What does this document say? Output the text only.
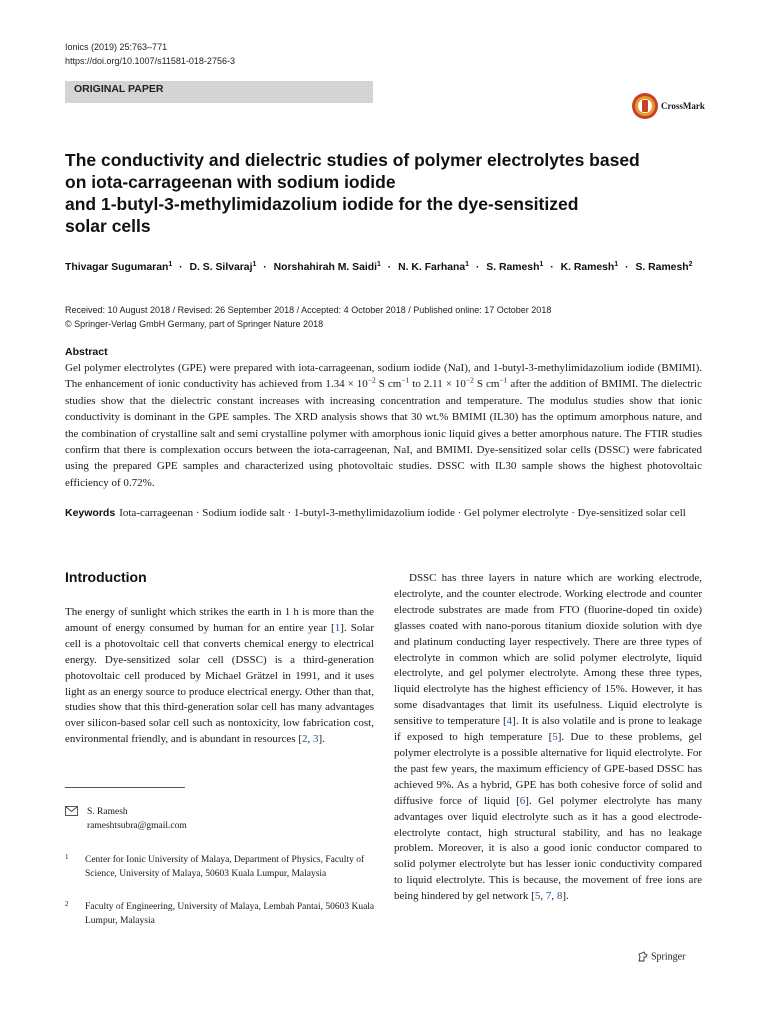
Ionics (2019) 25:763–771
https://doi.org/10.1007/s11581-018-2756-3
ORIGINAL PAPER
CrossMark
The conductivity and dielectric studies of polymer electrolytes based
on iota-carrageenan with sodium iodide
and 1-butyl-3-methylimidazolium iodide for the dye-sensitized
solar cells
Thivagar Sugumaran$^1$ · D. S. Silvaraj$^1$ · Norshahirah M. Saidi$^1$ · N. K. Farhana$^1$ · S. Ramesh$^1$ · K. Ramesh$^1$ · S. Ramesh$^2$
Received: 10 August 2018 / Revised: 26 September 2018 / Accepted: 4 October 2018 / Published online: 17 October 2018
© Springer-Verlag GmbH Germany, part of Springer Nature 2018
Abstract

Gel polymer electrolytes (GPE) were prepared with iota-carrageenan, sodium iodide (NaI), and 1-butyl-3-methylimidazolium iodide (BMIMI). The enhancement of ionic conductivity has achieved from $1.34 \times 10^{-2}$ S $cm^{-1}$ to $2.11 \times 10^{-2}$ S $cm^{-1}$ after the addition of BMIMI. The dielectric studies show that the dielectric constant increases with increasing concentration and temperature. The modulus studies show that ionic conductivity is dominant in the GPE samples. The XRD analysis shows that 30 wt.% BMIMI (IL30) has the optimum amorphous nature, and the combination of crystalline salt and semi crystalline polymer with amorphous ionic liquid gives a better amorphous nature. The FTIR studies confirm that there is complexation occurs between the iota-carrageenan, NaI, and BMIMI. Dye-sensitized solar cells (DSSC) were fabricated using the prepared GPE samples and characterized using photovoltaic studies. DSSC with IL30 sample shows the highest photovoltaic efficiency of 0.72%.

Keywords Iota-carrageenan · Sodium iodide salt · 1-butyl-3-methylimidazolium iodide · Gel polymer electrolyte · Dye-sensitized solar cell
Introduction

The energy of sunlight which strikes the earth in 1 h is more than the amount of energy consumed by human for an entire year [1]. Solar cell is a photovoltaic cell that converts chemical energy to electrical energy. Dye-sensitized solar cell (DSSC) is a third-generation photovoltaic cell produced by Michael Grätzel in 1991, and it uses light as an energy source to produce electrical energy. Other than that, studies show that this third-generation solar cell has many advantages over silicon-based solar cell such as nontoxicity, low fabrication cost, environmental friendly, and is abundant in resources [2, 3].

DSSC has three layers in nature which are working electrode, electrolyte, and the counter electrode. Working electrode and counter electrode substrates are made from FTO (fluorine-doped tin oxide) glasses coated with nano-porous titanium dioxide solution with dye and platinum conducting layer respectively. There are three types of electrolyte in common which are solid polymer electrolyte, liquid electrolyte, and gel polymer electrolyte. Among these three types, liquid electrolyte has the highest efficiency of 15%. However, it has some disadvantages that limit its usefulness. Liquid electrolyte is sensitive to temperature [4]. It is also volatile and is prone to leakage if exposed to high temperature [5]. Due to these problems, gel polymer electrolyte is a possible alternative for liquid electrolyte. For the past few years, the maximum efficiency of GPE-based DSSC has achieved 9%. As a hybrid, GPE has both cohesive force of solid and diffusive force of liquid [6]. Gel polymer electrolyte has many advantages over liquid electrolyte such as it has a good electrode-electrolyte contact, high structural stability, and has no leakage problem. Moreover, it is also a good ionic conductor compared to solid polymer electrolyte but has lesser ionic conductivity compared to liquid electrolyte. This is because, the movement of free ions are being hindered by gel network [5, 7, 8].

S. Ramesh
rameshtsubra@gmail.com
1 Center for Ionic University of Malaya, Department of Physics, Faculty of Science, University of Malaya, 50603 Kuala Lumpur, Malaysia
2 Faculty of Engineering, University of Malaya, Lembah Pantai, 50603 Kuala Lumpur, Malaysia
Springer
